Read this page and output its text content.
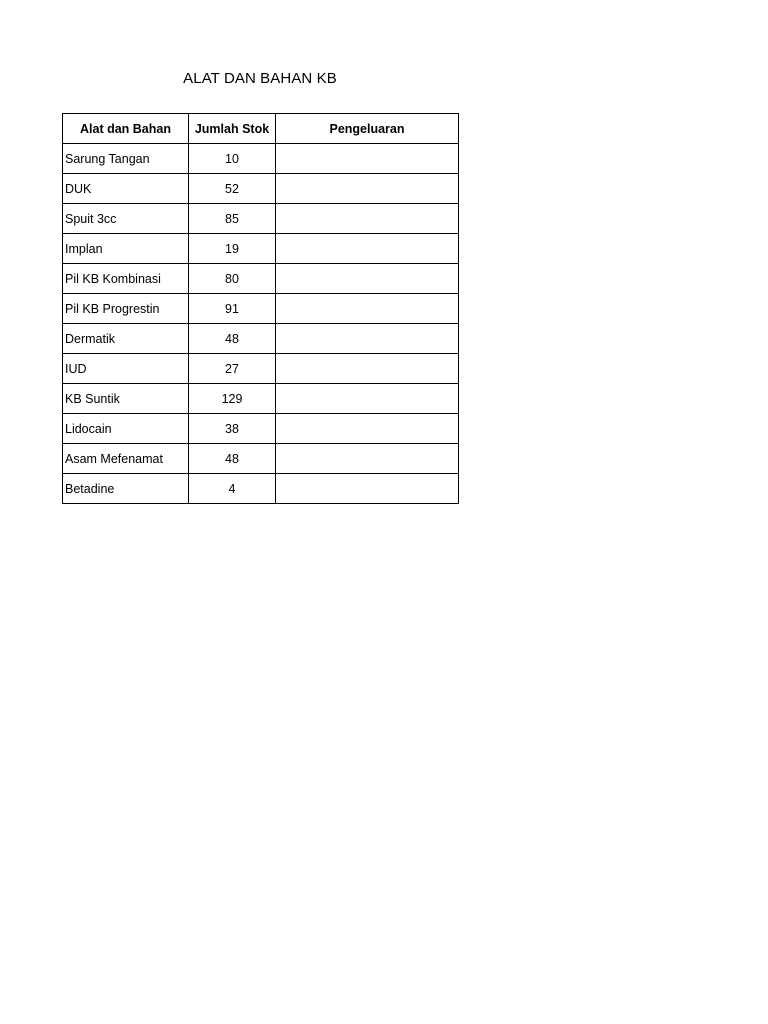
ALAT DAN BAHAN KB
Alat dan Bahan	Jumlah Stok	Pengeluaran
Sarung Tangan	10	
DUK	52	
Spuit 3cc	85	
Implan	19	
Pil KB Kombinasi	80	
Pil KB Progrestin	91	
Dermatik	48	
IUD	27	
KB Suntik	129	
Lidocain	38	
Asam Mefenamat	48	
Betadine	4	
